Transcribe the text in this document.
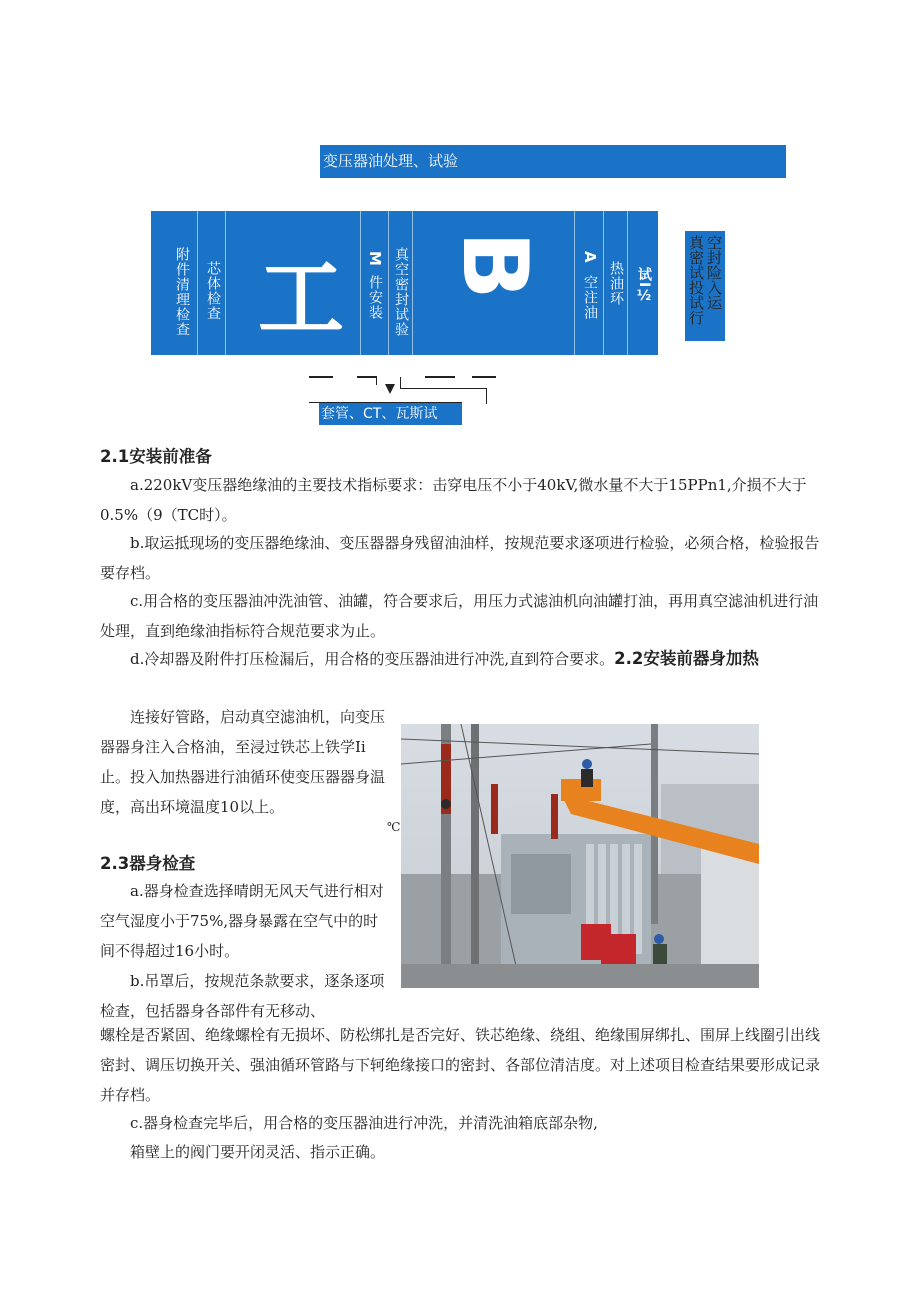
变压器油处理、试验
附件清理检查 芯体检查 工 M
件安装 真空密封试验 B A
空注油 热油环 试I½	空封险入运
真密试投试行
套管、CT、瓦斯试
2.1安装前准备
a.220kV变压器绝缘油的主要技术指标要求：击穿电压不小于40kV,微水量不大于15PPn1,介损不大于0.5%（9（TC时）。
b.取运抵现场的变压器绝缘油、变压器器身残留油油样，按规范要求逐项进行检验，必须合格，检验报告要存档。
c.用合格的变压器油冲洗油管、油罐，符合要求后，用压力式滤油机向油罐打油，再用真空滤油机进行油处理，直到绝缘油指标符合规范要求为止。
d.冷却器及附件打压检漏后，用合格的变压器油进行冲洗,直到符合要求。2.2安装前器身加热
连接好管路，启动真空滤油机，向变压器器身注入合格油，至浸过铁芯上铁学Ii止。投入加热器进行油循环使变压器器身温度，高出环境温度10以上。
℃
2.3器身检查
a.器身检查选择晴朗无风天气进行相对空气湿度小于75%,器身暴露在空气中的时间不得超过16小时。
b.吊罩后，按规范条款要求，逐条逐项检查，包括器身各部件有无移动、
螺栓是否紧固、绝缘螺栓有无损坏、防松绑扎是否完好、铁芯绝缘、绕组、绝缘围屏绑扎、围屏上线圈引出线密封、调压切换开关、强油循环管路与下轲绝缘接口的密封、各部位清洁度。对上述项目检查结果要形成记录并存档。
c.器身检查完毕后，用合格的变压器油进行冲洗，并清洗油箱底部杂物,
箱壁上的阀门要开闭灵活、指示正确。
